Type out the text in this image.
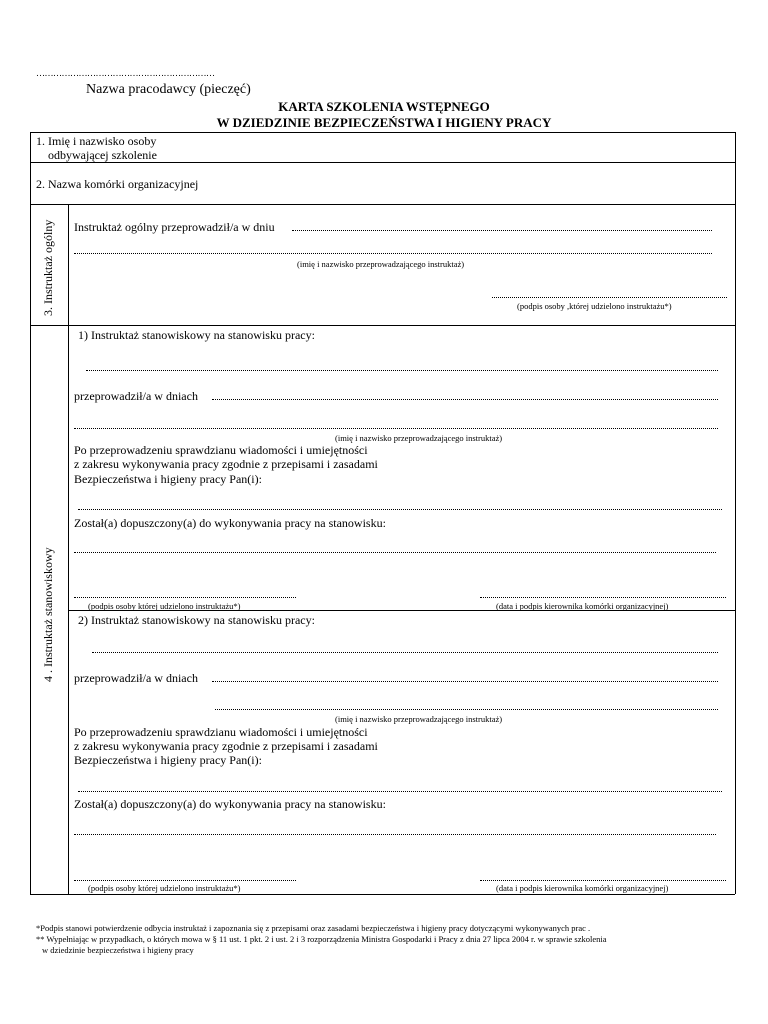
………………………………………………………
Nazwa pracodawcy (pieczęć)
KARTA SZKOLENIA WSTĘPNEGO
W DZIEDZINIE BEZPIECZEŃSTWA I HIGIENY PRACY
1. Imię i nazwisko osoby
odbywającej szkolenie
2. Nazwa komórki organizacyjnej
3. Instruktaż ogólny Instruktaż ogólny przeprowadził/a w dniu
(imię i nazwisko przeprowadzającego instruktaż)
(podpis osoby ,której udzielono instruktażu*)
4 . Instruktaż stanowiskowy
1) Instruktaż stanowiskowy na stanowisku pracy:
przeprowadził/a w dniach
(imię i nazwisko przeprowadzającego instruktaż)
Po przeprowadzeniu sprawdzianu wiadomości i umiejętności
z zakresu wykonywania pracy zgodnie z przepisami i zasadami
Bezpieczeństwa i higieny pracy Pan(i):
Został(a) dopuszczony(a) do wykonywania pracy na stanowisku:
(podpis osoby której udzielono instruktażu*)	(data i podpis kierownika komórki organizacyjnej)
2) Instruktaż stanowiskowy na stanowisku pracy:
przeprowadził/a w dniach
(imię i nazwisko przeprowadzającego instruktaż)
Po przeprowadzeniu sprawdzianu wiadomości i umiejętności
z zakresu wykonywania pracy zgodnie z przepisami i zasadami
Bezpieczeństwa i higieny pracy Pan(i):
Został(a) dopuszczony(a) do wykonywania pracy na stanowisku:
(podpis osoby której udzielono instruktażu*)	(data i podpis kierownika komórki organizacyjnej)
*Podpis stanowi potwierdzenie odbycia instruktaż i zapoznania się z przepisami oraz zasadami bezpieczeństwa i higieny pracy dotyczącymi wykonywanych prac .
** Wypełniając w przypadkach, o których mowa w § 11 ust. 1 pkt. 2 i ust. 2 i 3 rozporządzenia Ministra Gospodarki i Pracy z dnia 27 lipca 2004 r. w sprawie szkolenia
w dziedzinie bezpieczeństwa i higieny pracy
